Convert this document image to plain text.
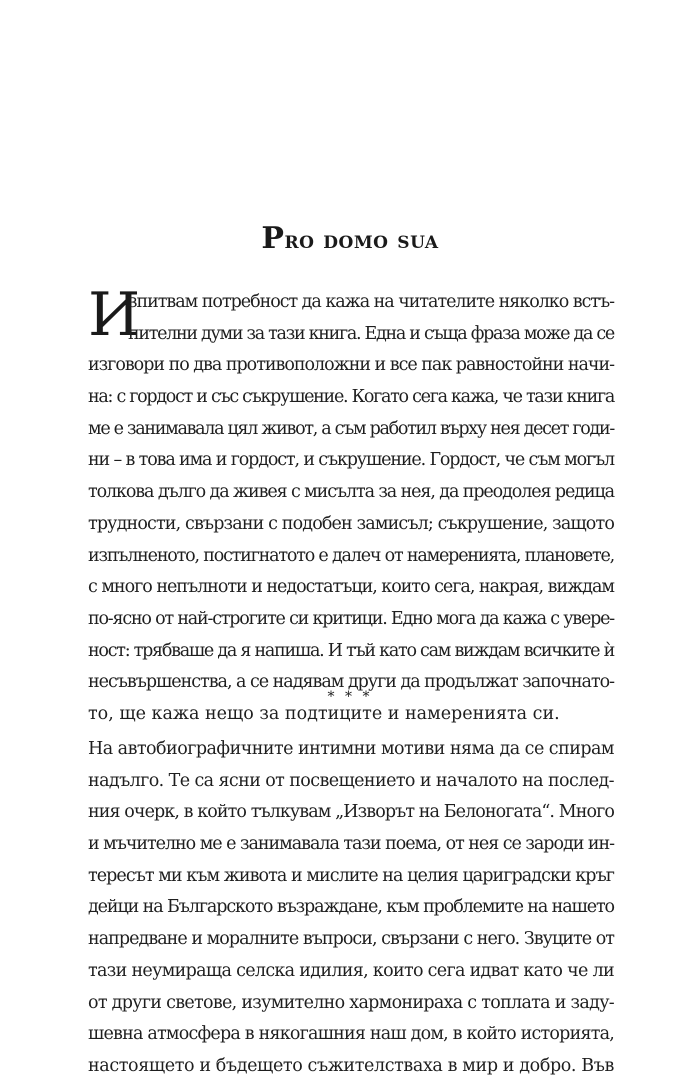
Pro domo sua
И
зпитвам потребност да кажа на читателите няколко встъ-
пителни думи за тази книга. Една и съща фраза може да се
изговори по два противоположни и все пак равностойни начи-
на: с гордост и със съкрушение. Когато сега кажа, че тази книга
ме е занимавала цял живот, а съм работил върху нея десет годи-
ни – в това има и гордост, и съкрушение. Гордост, че съм могъл
толкова дълго да живея с мисълта за нея, да преодолея редица
трудности, свързани с подобен замисъл; съкрушение, защото
изпълненото, постигнатото е далеч от намеренията, плановете,
с много непълноти и недостатъци, които сега, накрая, виждам
по-ясно от най-строгите си критици. Едно мога да кажа с увере-
ност: трябваше да я напиша. И тъй като сам виждам всичките ѝ
несъвършенства, а се надявам други да продължат започнато-
то, ще кажа нещо за подтиците и намеренията си.
* * *
На автобиографичните интимни мотиви няма да се спирам
надълго. Те са ясни от посвещението и началото на послед-
ния очерк, в който тълкувам „Изворът на Белоногата“. Много
и мъчително ме е занимавала тази поема, от нея се зароди ин-
тересът ми към живота и мислите на целия цариградски кръг
дейци на Българското възраждане, към проблемите на нашето
напредване и моралните въпроси, свързани с него. Звуците от
тази неумираща селска идилия, които сега идват като че ли
от други светове, изумително хармонираха с топлата и заду-
шевна атмосфера в някогашния наш дом, в който историята,
настоящето и бъдещето съжителстваха в мир и добро. Във
